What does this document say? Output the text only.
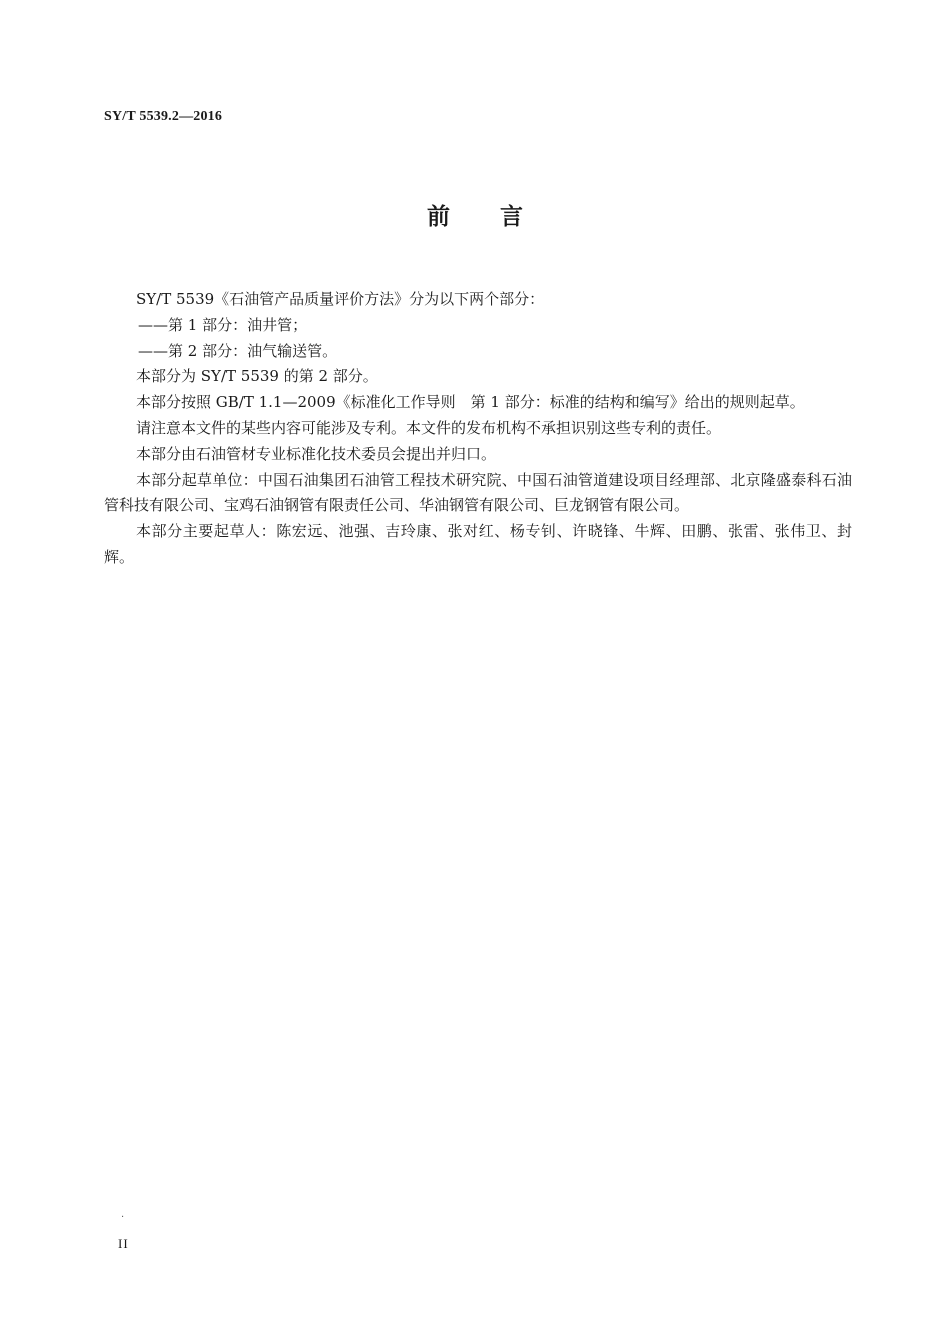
SY/T 5539.2—2016
前言

SY/T 5539《石油管产品质量评价方法》分为以下两个部分：

——第 1 部分：油井管；

——第 2 部分：油气输送管。

本部分为 SY/T 5539 的第 2 部分。

本部分按照 GB/T 1.1—2009《标准化工作导则　第 1 部分：标准的结构和编写》给出的规则起草。

请注意本文件的某些内容可能涉及专利。本文件的发布机构不承担识别这些专利的责任。

本部分由石油管材专业标准化技术委员会提出并归口。

本部分起草单位：中国石油集团石油管工程技术研究院、中国石油管道建设项目经理部、北京隆盛泰科石油管科技有限公司、宝鸡石油钢管有限责任公司、华油钢管有限公司、巨龙钢管有限公司。

本部分主要起草人：陈宏远、池强、吉玲康、张对红、杨专钊、许晓锋、牛辉、田鹏、张雷、张伟卫、封辉。

·
II
